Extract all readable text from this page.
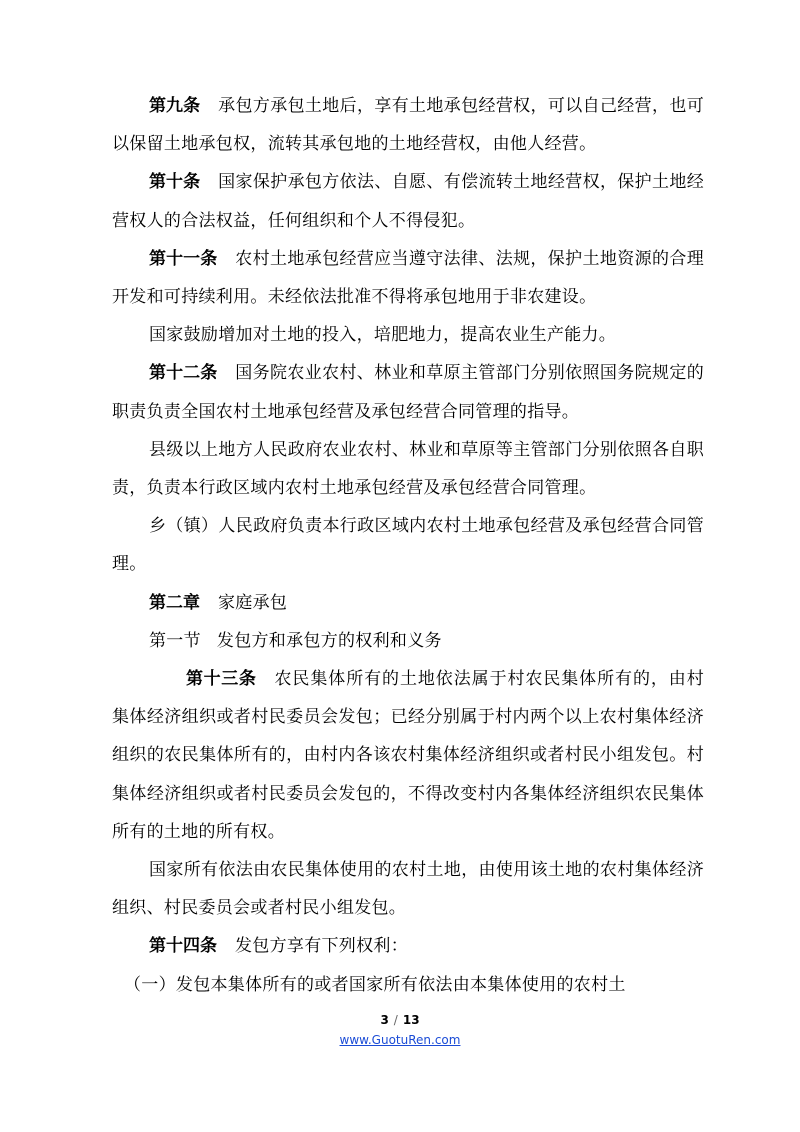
第九条 承包方承包土地后，享有土地承包经营权，可以自己经营，也可以保留土地承包权，流转其承包地的土地经营权，由他人经营。

第十条 国家保护承包方依法、自愿、有偿流转土地经营权，保护土地经营权人的合法权益，任何组织和个人不得侵犯。

第十一条 农村土地承包经营应当遵守法律、法规，保护土地资源的合理开发和可持续利用。未经依法批准不得将承包地用于非农建设。

国家鼓励增加对土地的投入，培肥地力，提高农业生产能力。

第十二条 国务院农业农村、林业和草原主管部门分别依照国务院规定的职责负责全国农村土地承包经营及承包经营合同管理的指导。

县级以上地方人民政府农业农村、林业和草原等主管部门分别依照各自职责，负责本行政区域内农村土地承包经营及承包经营合同管理。

乡（镇）人民政府负责本行政区域内农村土地承包经营及承包经营合同管理。

第二章 家庭承包

第一节 发包方和承包方的权利和义务

第十三条 农民集体所有的土地依法属于村农民集体所有的，由村集体经济组织或者村民委员会发包；已经分别属于村内两个以上农村集体经济组织的农民集体所有的，由村内各该农村集体经济组织或者村民小组发包。村集体经济组织或者村民委员会发包的，不得改变村内各集体经济组织农民集体所有的土地的所有权。

国家所有依法由农民集体使用的农村土地，由使用该土地的农村集体经济组织、村民委员会或者村民小组发包。

第十四条 发包方享有下列权利：

（一）发包本集体所有的或者国家所有依法由本集体使用的农村土

3 / 13
www.GuotuRen.com
